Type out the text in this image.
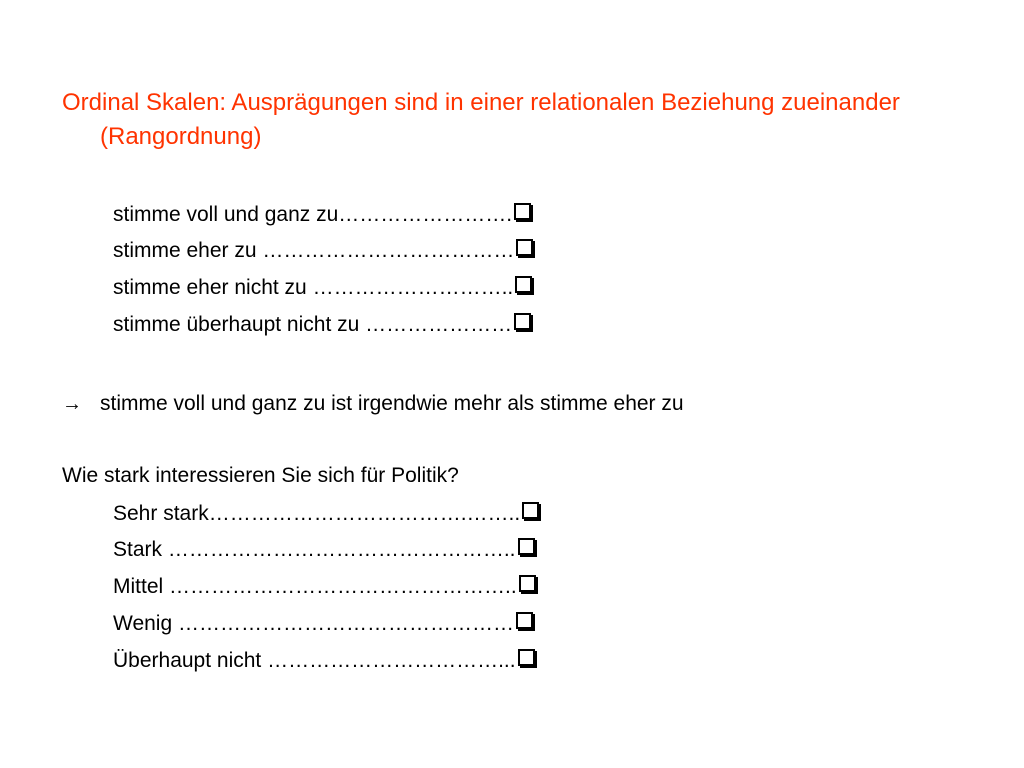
Ordinal Skalen: Ausprägungen sind in einer relationalen Beziehung zueinander (Rangordnung)
stimme voll und ganz zu…………………….
stimme eher zu ………………………………
stimme eher nicht zu ………………………..
stimme überhaupt nicht zu …………………
→ stimme voll und ganz zu ist irgendwie mehr als stimme eher zu
Wie stark interessieren Sie sich für Politik?
Sehr stark……………………………….……..
Stark …………………………………………..
Mittel …………………………………………..
Wenig …………………………………………
Überhaupt nicht ……………………………...
